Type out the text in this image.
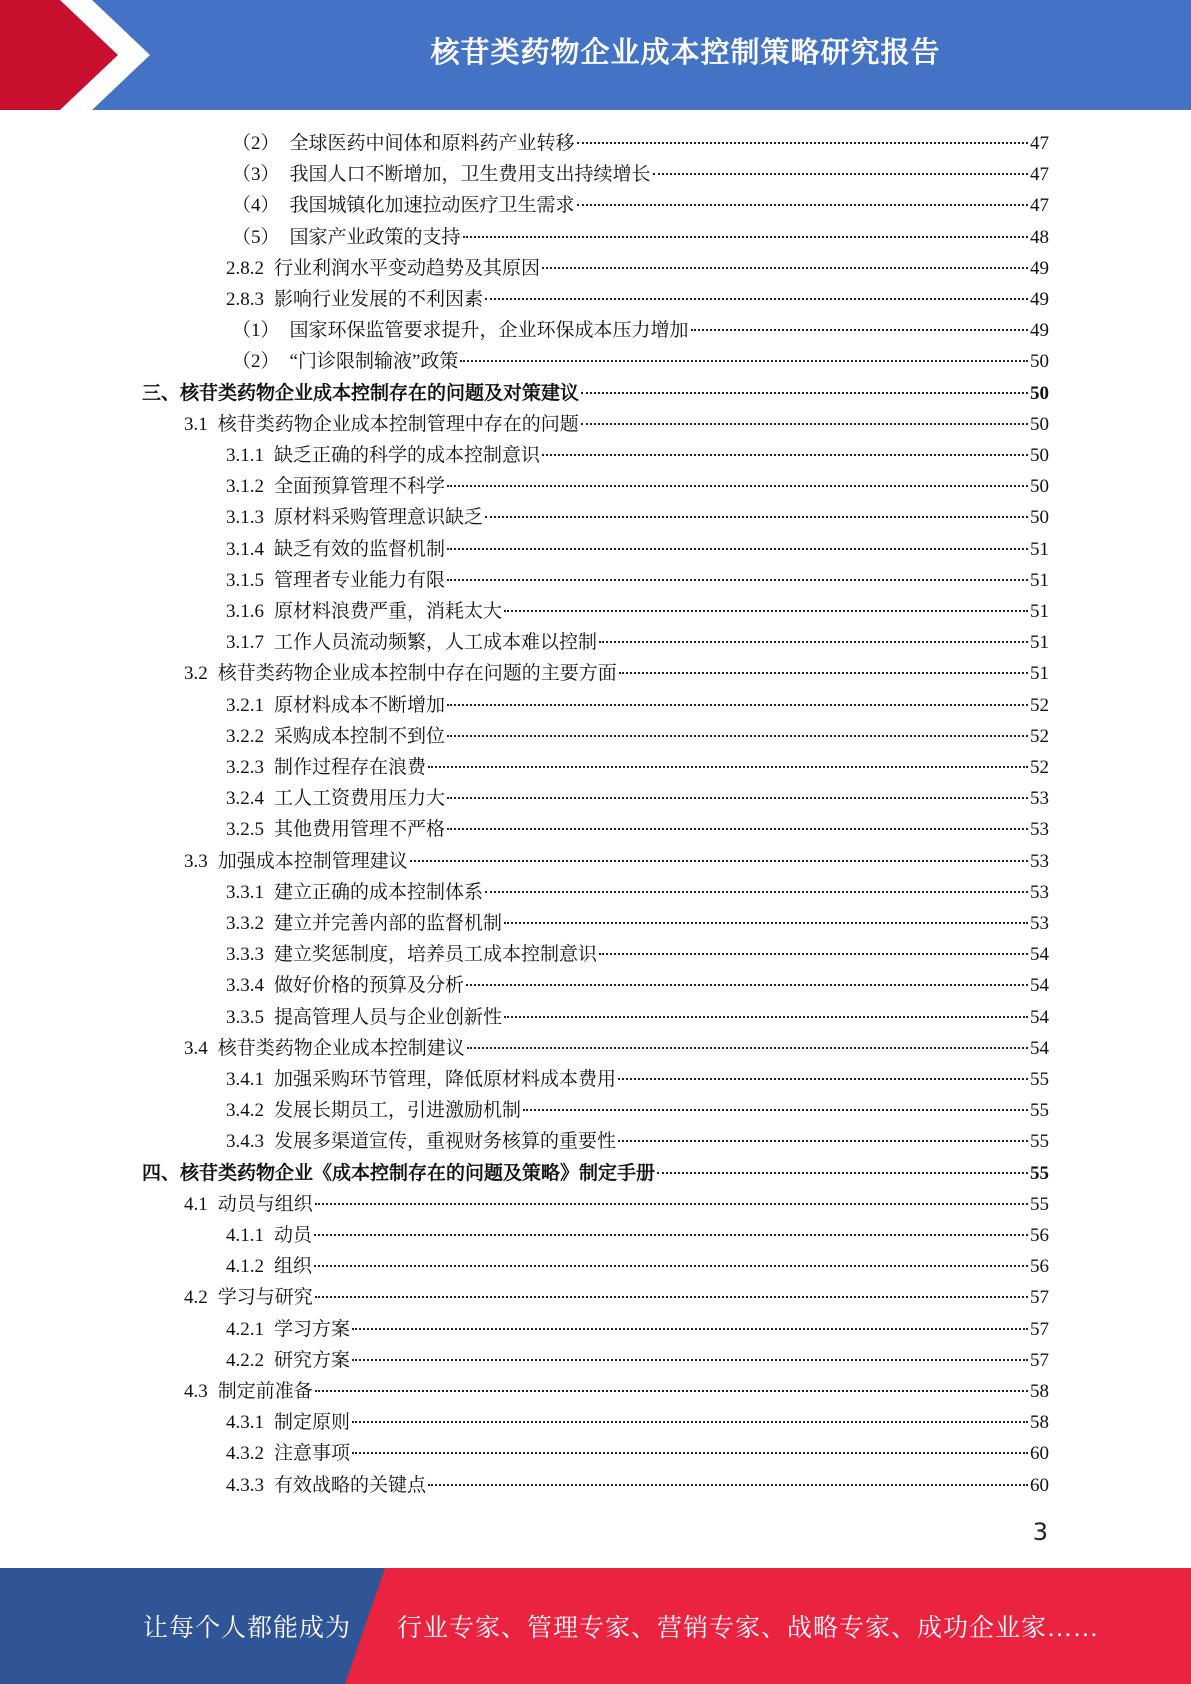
核苷类药物企业成本控制策略研究报告
（2） 全球医药中间体和原料药产业转移	47
（3） 我国人口不断增加，卫生费用支出持续增长	47
（4） 我国城镇化加速拉动医疗卫生需求	47
（5） 国家产业政策的支持	48
2.8.2 行业利润水平变动趋势及其原因	49
2.8.3 影响行业发展的不利因素	49
（1） 国家环保监管要求提升，企业环保成本压力增加	49
（2） “门诊限制输液”政策	50
三、核苷类药物企业成本控制存在的问题及对策建议	50
3.1 核苷类药物企业成本控制管理中存在的问题	50
3.1.1 缺乏正确的科学的成本控制意识	50
3.1.2 全面预算管理不科学	50
3.1.3 原材料采购管理意识缺乏	50
3.1.4 缺乏有效的监督机制	51
3.1.5 管理者专业能力有限	51
3.1.6 原材料浪费严重，消耗太大	51
3.1.7 工作人员流动频繁，人工成本难以控制	51
3.2 核苷类药物企业成本控制中存在问题的主要方面	51
3.2.1 原材料成本不断增加	52
3.2.2 采购成本控制不到位	52
3.2.3 制作过程存在浪费	52
3.2.4 工人工资费用压力大	53
3.2.5 其他费用管理不严格	53
3.3 加强成本控制管理建议	53
3.3.1 建立正确的成本控制体系	53
3.3.2 建立并完善内部的监督机制	53
3.3.3 建立奖惩制度，培养员工成本控制意识	54
3.3.4 做好价格的预算及分析	54
3.3.5 提高管理人员与企业创新性	54
3.4 核苷类药物企业成本控制建议	54
3.4.1 加强采购环节管理，降低原材料成本费用	55
3.4.2 发展长期员工，引进激励机制	55
3.4.3 发展多渠道宣传，重视财务核算的重要性	55
四、核苷类药物企业《成本控制存在的问题及策略》制定手册	55
4.1 动员与组织	55
4.1.1 动员	56
4.1.2 组织	56
4.2 学习与研究	57
4.2.1 学习方案	57
4.2.2 研究方案	57
4.3 制定前准备	58
4.3.1 制定原则	58
4.3.2 注意事项	60
4.3.3 有效战略的关键点	60
3
让每个人都能成为 行业专家、管理专家、营销专家、战略专家、成功企业家……
